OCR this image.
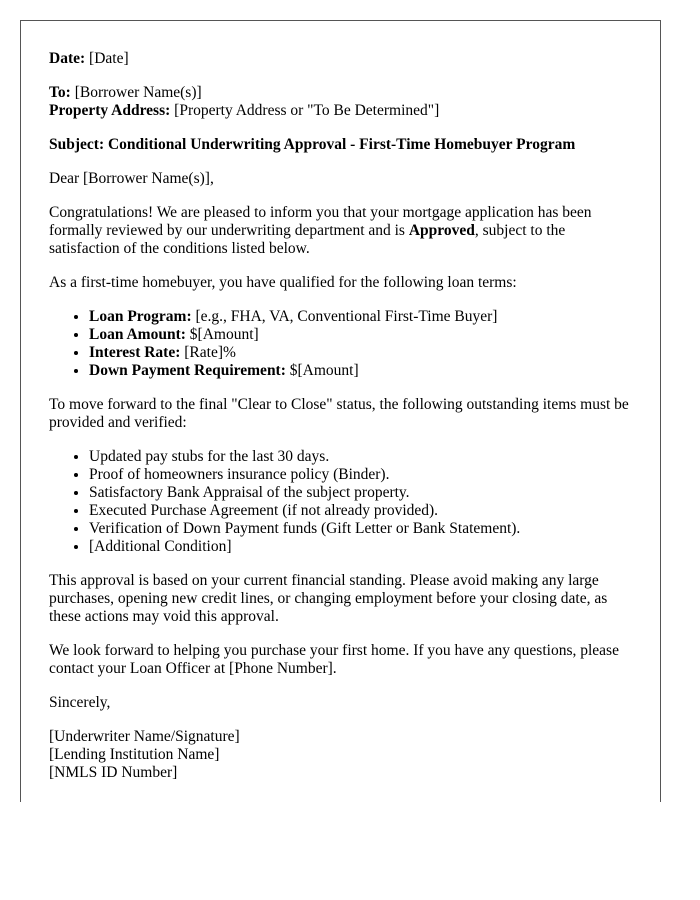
Date: [Date]

To: [Borrower Name(s)]
Property Address: [Property Address or "To Be Determined"]

Subject: Conditional Underwriting Approval - First-Time Homebuyer Program

Dear [Borrower Name(s)],

Congratulations! We are pleased to inform you that your mortgage application has been formally reviewed by our underwriting department and is Approved, subject to the satisfaction of the conditions listed below.

As a first-time homebuyer, you have qualified for the following loan terms:

• Loan Program: [e.g., FHA, VA, Conventional First-Time Buyer]
• Loan Amount: $[Amount]
• Interest Rate: [Rate]%
• Down Payment Requirement: $[Amount]

To move forward to the final "Clear to Close" status, the following outstanding items must be provided and verified:

• Updated pay stubs for the last 30 days.
• Proof of homeowners insurance policy (Binder).
• Satisfactory Bank Appraisal of the subject property.
• Executed Purchase Agreement (if not already provided).
• Verification of Down Payment funds (Gift Letter or Bank Statement).
• [Additional Condition]

This approval is based on your current financial standing. Please avoid making any large purchases, opening new credit lines, or changing employment before your closing date, as these actions may void this approval.

We look forward to helping you purchase your first home. If you have any questions, please contact your Loan Officer at [Phone Number].

Sincerely,

[Underwriter Name/Signature]
[Lending Institution Name]
[NMLS ID Number]
